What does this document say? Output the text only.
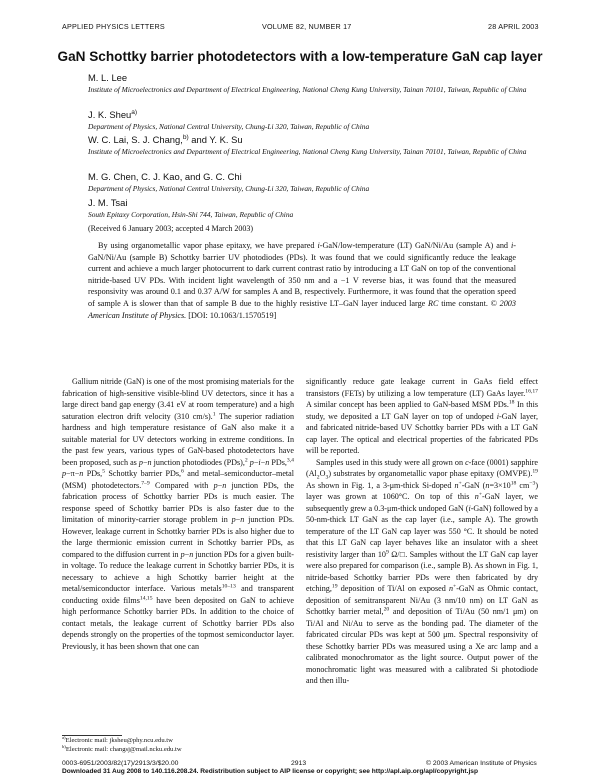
APPLIED PHYSICS LETTERS	VOLUME 82, NUMBER 17	28 APRIL 2003
GaN Schottky barrier photodetectors with a low-temperature GaN cap layer
M. L. Lee
Institute of Microelectronics and Department of Electrical Engineering, National Cheng Kung University, Tainan 70101, Taiwan, Republic of China
J. K. Sheu$^{a)}$
Department of Physics, National Central University, Chung-Li 320, Taiwan, Republic of China
W. C. Lai, S. J. Chang,$^{b)}$ and Y. K. Su
Institute of Microelectronics and Department of Electrical Engineering, National Cheng Kung University, Tainan 70101, Taiwan, Republic of China
M. G. Chen, C. J. Kao, and G. C. Chi
Department of Physics, National Central University, Chung-Li 320, Taiwan, Republic of China
J. M. Tsai
South Epitaxy Corporation, Hsin-Shi 744, Taiwan, Republic of China
(Received 6 January 2003; accepted 4 March 2003)
By using organometallic vapor phase epitaxy, we have prepared i-GaN/low-temperature (LT) GaN/Ni/Au (sample A) and i-GaN/Ni/Au (sample B) Schottky barrier UV photodiodes (PDs). It was found that we could significantly reduce the leakage current and achieve a much larger photocurrent to dark current contrast ratio by introducing a LT GaN on top of the conventional nitride-based UV PDs. With incident light wavelength of 350 nm and a −1 V reverse bias, it was found that the measured responsivity was around 0.1 and 0.37 A/W for samples A and B, respectively. Furthermore, it was found that the operation speed of sample A is slower than that of sample B due to the highly resistive LT–GaN layer induced large RC time constant. © 2003 American Institute of Physics. [DOI: 10.1063/1.1570519]

Gallium nitride (GaN) is one of the most promising materials for the fabrication of high-sensitive visible-blind UV detectors, since it has a large direct band gap energy (3.41 eV at room temperature) and a high saturation electron drift velocity (310 cm/s).$^1$ The superior radiation hardness and high temperature resistance of GaN also make it a suitable material for UV detectors working in extreme conditions. In the past few years, various types of GaN-based photodetectors have been proposed, such as p−n junction photodiodes (PDs),$^2$ p−i−n PDs,$^{3,4}$ p−π−n PDs,$^5$ Schottky barrier PDs,$^6$ and metal–semiconductor–metal (MSM) photodetectors.$^{7-9}$ Compared with p−n junction PDs, the fabrication process of Schottky barrier PDs is much easier. The response speed of Schottky barrier PDs is also faster due to the limitation of minority-carrier storage problem in p−n junction PDs. However, leakage current in Schottky barrier PDs is also higher due to the large thermionic emission current in Schottky barrier PDs, as compared to the diffusion current in p−n junction PDs for a given built-in voltage. To reduce the leakage current in Schottky barrier PDs, it is necessary to achieve a high Schottky barrier height at the metal/semiconductor interface. Various metals$^{10-13}$ and transparent conducting oxide films$^{14,15}$ have been deposited on GaN to achieve high performance Schottky barrier PDs. In addition to the choice of contact metals, the leakage current of Schottky barrier PDs also depends strongly on the properties of the topmost semiconductor layer. Previously, it has been shown that one can

significantly reduce gate leakage current in GaAs field effect transistors (FETs) by utilizing a low temperature (LT) GaAs layer.$^{16,17}$ A similar concept has been applied to GaN-based MSM PDs.$^{18}$ In this study, we deposited a LT GaN layer on top of undoped i-GaN layer, and fabricated nitride-based UV Schottky barrier PDs with a LT GaN cap layer. The optical and electrical properties of the fabricated PDs will be reported.

Samples used in this study were all grown on c-face (0001) sapphire $(Al_2O_3)$ substrates by organometallic vapor phase epitaxy (OMVPE).$^{19}$ As shown in Fig. 1, a 3-μm-thick Si-doped n+-GaN ($n=3\times 10^{18}$ $cm^{-3}$) layer was grown at 1060°C. On top of this n+-GaN layer, we subsequently grew a 0.3-μm-thick undoped GaN (i-GaN) followed by a 50-nm-thick LT GaN as the cap layer (i.e., sample A). The growth temperature of the LT GaN cap layer was 550 °C. It should be noted that this LT GaN cap layer behaves like an insulator with a sheet resistivity larger than $10^9$ Ω/□. Samples without the LT GaN cap layer were also prepared for comparison (i.e., sample B). As shown in Fig. 1, nitride-based Schottky barrier PDs were then fabricated by dry etching,$^{19}$ deposition of Ti/Al on exposed n+-GaN as Ohmic contact, deposition of semitransparent Ni/Au (3 nm/10 nm) on LT GaN as Schottky barrier metal,$^{20}$ and deposition of Ti/Au (50 nm/1 μm) on Ti/Al and Ni/Au to serve as the bonding pad. The diameter of the fabricated circular PDs was kept at 500 μm. Spectral responsivity of these Schottky barrier PDs was measured using a Xe arc lamp and a calibrated monochromator as the light source. Output power of the monochromatic light was measured with a calibrated Si photodiode and then illu-

$^{a)}$Electronic mail: jksheu@phy.ncu.edu.tw
$^{b)}$Electronic mail: changsj@mail.ncku.edu.tw
0003-6951/2003/82(17)/2913/3/$20.00	2913	© 2003 American Institute of Physics
Downloaded 31 Aug 2008 to 140.116.208.24. Redistribution subject to AIP license or copyright; see http://apl.aip.org/apl/copyright.jsp
